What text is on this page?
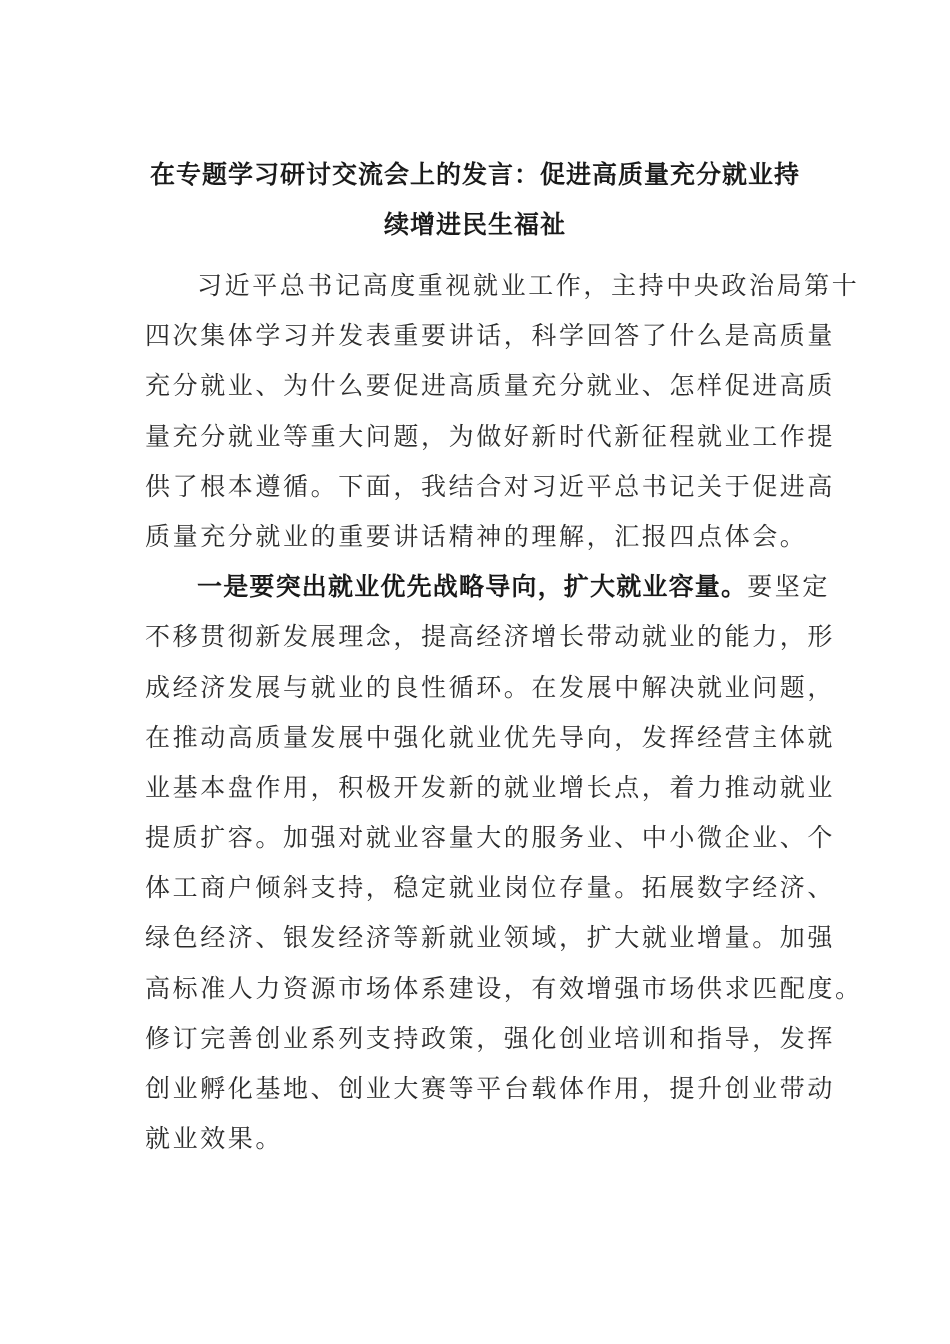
在专题学习研讨交流会上的发言：促进高质量充分就业持
续增进民生福祉
习近平总书记高度重视就业工作，主持中央政治局第十
四次集体学习并发表重要讲话，科学回答了什么是高质量
充分就业、为什么要促进高质量充分就业、怎样促进高质
量充分就业等重大问题，为做好新时代新征程就业工作提
供了根本遵循。下面，我结合对习近平总书记关于促进高
质量充分就业的重要讲话精神的理解，汇报四点体会。
一是要突出就业优先战略导向，扩大就业容量。要坚定
不移贯彻新发展理念，提高经济增长带动就业的能力，形
成经济发展与就业的良性循环。在发展中解决就业问题，
在推动高质量发展中强化就业优先导向，发挥经营主体就
业基本盘作用，积极开发新的就业增长点，着力推动就业
提质扩容。加强对就业容量大的服务业、中小微企业、个
体工商户倾斜支持，稳定就业岗位存量。拓展数字经济、
绿色经济、银发经济等新就业领域，扩大就业增量。加强
高标准人力资源市场体系建设，有效增强市场供求匹配度。
修订完善创业系列支持政策，强化创业培训和指导，发挥
创业孵化基地、创业大赛等平台载体作用，提升创业带动
就业效果。
